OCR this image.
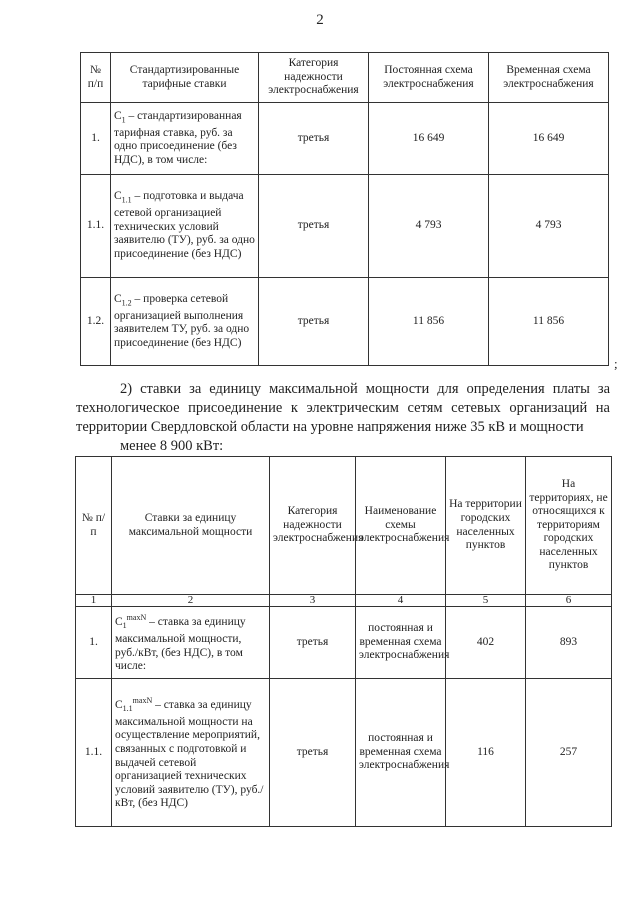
2
№ п/п	Стандартизированные тарифные ставки	Категория надежности электроснабжения	Постоянная схема электроснабжения	Временная схема электроснабжения
1.	$С_1$ – стандартизированная тарифная ставка, руб. за одно присоединение (без НДС), в том числе:	третья	16 649	16 649
1.1.	$С_{1.1}$ – подготовка и выдача сетевой организацией технических условий заявителю (ТУ), руб. за одно присоединение (без НДС)	третья	4 793	4 793
1.2.	$С_{1.2}$ – проверка сетевой организацией выполнения заявителем ТУ, руб. за одно присоединение (без НДС)	третья	11 856	11 856
;
2) ставки за единицу максимальной мощности для определения платы за технологическое присоединение к электрическим сетям сетевых организаций на территории Свердловской области на уровне напряжения ниже 35 кВ и мощности
менее 8 900 кВт:
№ п/п	Ставки за единицу максимальной мощности	Категория надежности электроснабжения	Наименование схемы электроснабжения	На территории городских населенных пунктов	На территориях, не относящихся к территориям городских населенных пунктов
1	2	3	4	5	6
1.	$С_1^{maxN}$ – ставка за единицу максимальной мощности, руб./кВт, (без НДС), в том числе:	третья	постоянная и временная схема электроснабжения	402	893
1.1.	$С_{1.1}^{maxN}$ – ставка за единицу максимальной мощности на осуществление мероприятий, связанных с подготовкой и выдачей сетевой организацией технических условий заявителю (ТУ), руб./кВт, (без НДС)	третья	постоянная и временная схема электроснабжения	116	257
